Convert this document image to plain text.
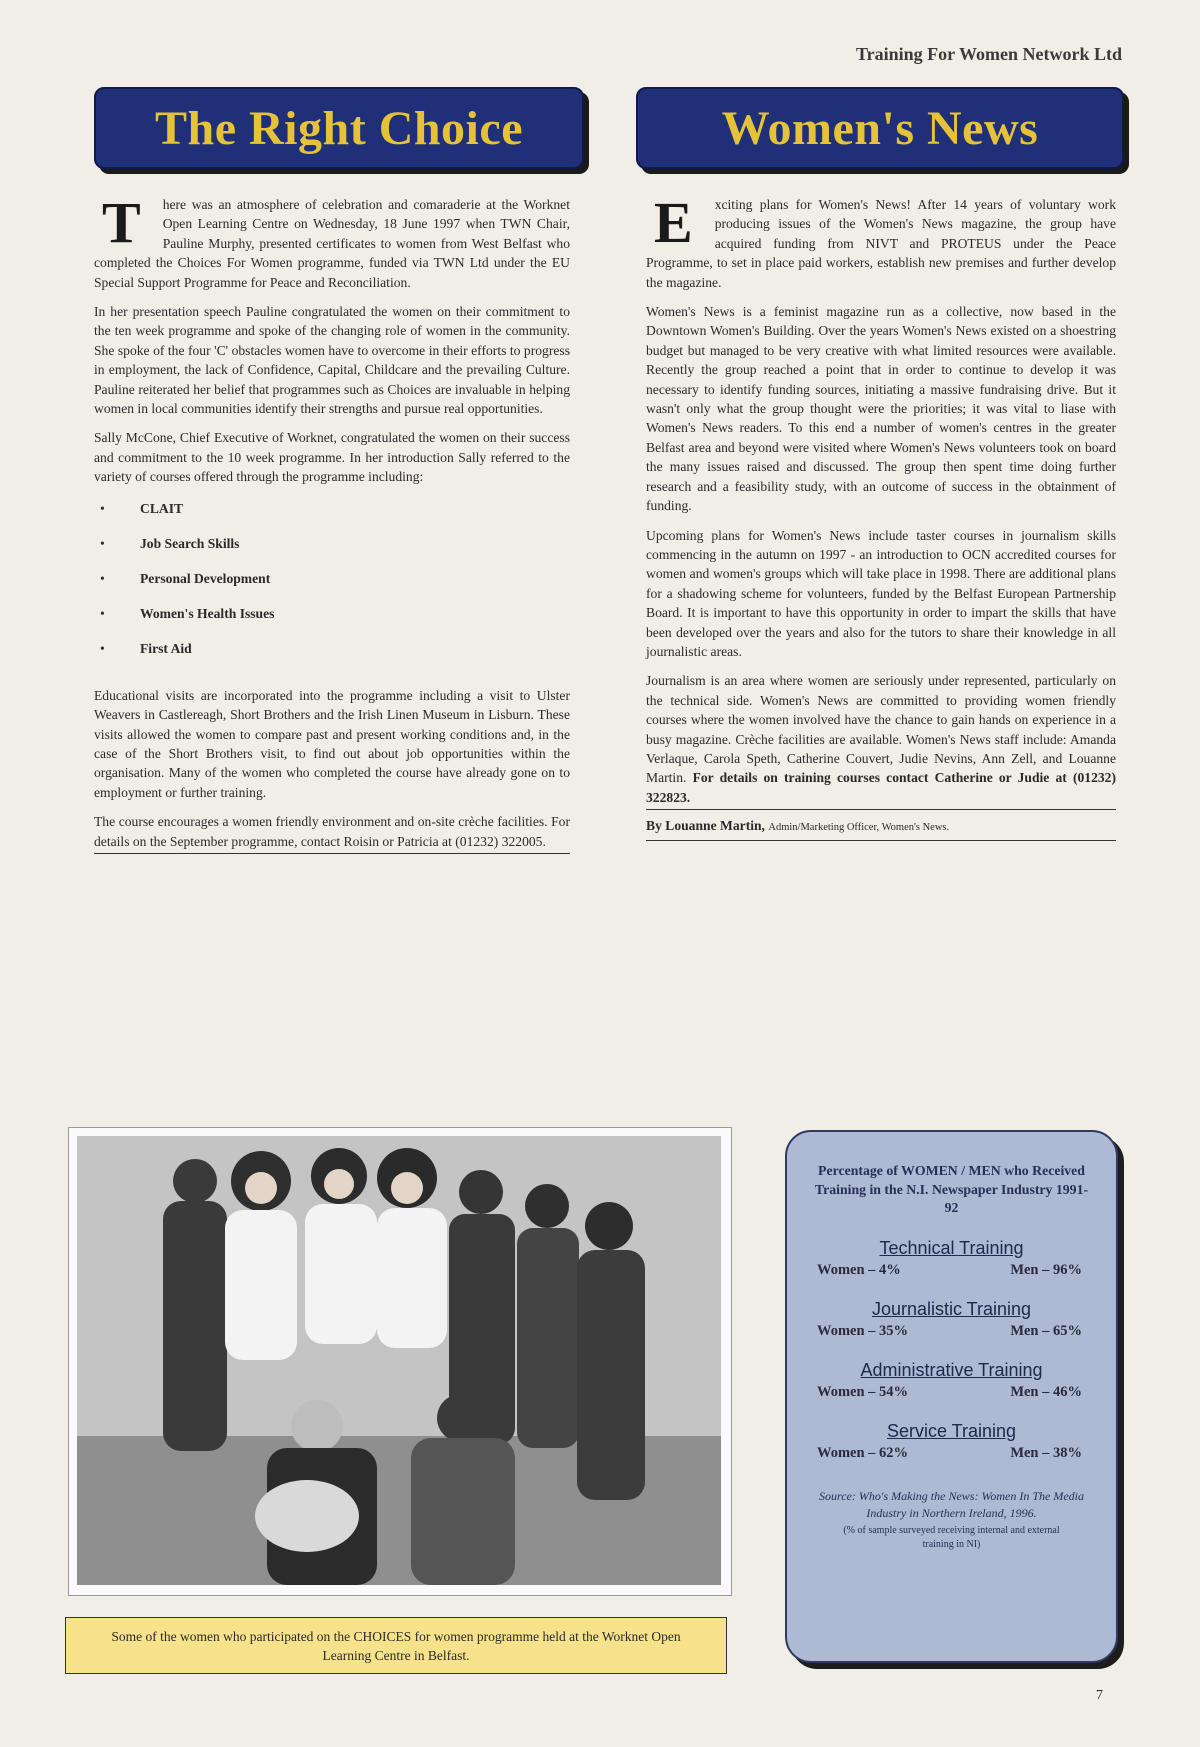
Training For Women Network Ltd
The Right Choice	Women's News

T here was an atmosphere of celebration and comaraderie at the Worknet Open Learning Centre on Wednesday, 18 June 1997 when TWN Chair, Pauline Murphy, presented certificates to women from West Belfast who completed the Choices For Women programme, funded via TWN Ltd under the EU Special Support Programme for Peace and Reconciliation.

In her presentation speech Pauline congratulated the women on their commitment to the ten week programme and spoke of the changing role of women in the community. She spoke of the four 'C' obstacles women have to overcome in their efforts to progress in employment, the lack of Confidence, Capital, Childcare and the prevailing Culture. Pauline reiterated her belief that programmes such as Choices are invaluable in helping women in local communities identify their strengths and pursue real opportunities.

Sally McCone, Chief Executive of Worknet, congratulated the women on their success and commitment to the 10 week programme. In her introduction Sally referred to the variety of courses offered through the programme including:

•	CLAIT
•	Job Search Skills
•	Personal Development
•	Women's Health Issues
•	First Aid

Educational visits are incorporated into the programme including a visit to Ulster Weavers in Castlereagh, Short Brothers and the Irish Linen Museum in Lisburn. These visits allowed the women to compare past and present working conditions and, in the case of the Short Brothers visit, to find out about job opportunities within the organisation. Many of the women who completed the course have already gone on to employment or further training.

The course encourages a women friendly environment and on-site crèche facilities. For details on the September programme, contact Roisin or Patricia at (01232) 322005.

E xciting plans for Women's News! After 14 years of voluntary work producing issues of the Women's News magazine, the group have acquired funding from NIVT and PROTEUS under the Peace Programme, to set in place paid workers, establish new premises and further develop the magazine.

Women's News is a feminist magazine run as a collective, now based in the Downtown Women's Building. Over the years Women's News existed on a shoestring budget but managed to be very creative with what limited resources were available. Recently the group reached a point that in order to continue to develop it was necessary to identify funding sources, initiating a massive fundraising drive. But it wasn't only what the group thought were the priorities; it was vital to liase with Women's News readers. To this end a number of women's centres in the greater Belfast area and beyond were visited where Women's News volunteers took on board the many issues raised and discussed. The group then spent time doing further research and a feasibility study, with an outcome of success in the obtainment of funding.

Upcoming plans for Women's News include taster courses in journalism skills commencing in the autumn on 1997 - an introduction to OCN accredited courses for women and women's groups which will take place in 1998. There are additional plans for a shadowing scheme for volunteers, funded by the Belfast European Partnership Board. It is important to have this opportunity in order to impart the skills that have been developed over the years and also for the tutors to share their knowledge in all journalistic areas.

Journalism is an area where women are seriously under represented, particularly on the technical side. Women's News are committed to providing women friendly courses where the women involved have the chance to gain hands on experience in a busy magazine. Crèche facilities are available. Women's News staff include: Amanda Verlaque, Carola Speth, Catherine Couvert, Judie Nevins, Ann Zell, and Louanne Martin. For details on training courses contact Catherine or Judie at (01232) 322823.

By Louanne Martin, Admin/Marketing Officer, Women's News.
Some of the women who participated on the CHOICES for women programme held at the Worknet Open Learning Centre in Belfast.
Percentage of WOMEN / MEN who Received Training in the N.I. Newspaper Industry 1991-92
Technical Training
Women – 4%	Men – 96%
Journalistic Training
Women – 35%	Men – 65%
Administrative Training
Women – 54%	Men – 46%
Service Training
Women – 62%	Men – 38%
Source: Who's Making the News: Women In The Media Industry in Northern Ireland, 1996.
(% of sample surveyed receiving internal and external training in NI)
7
